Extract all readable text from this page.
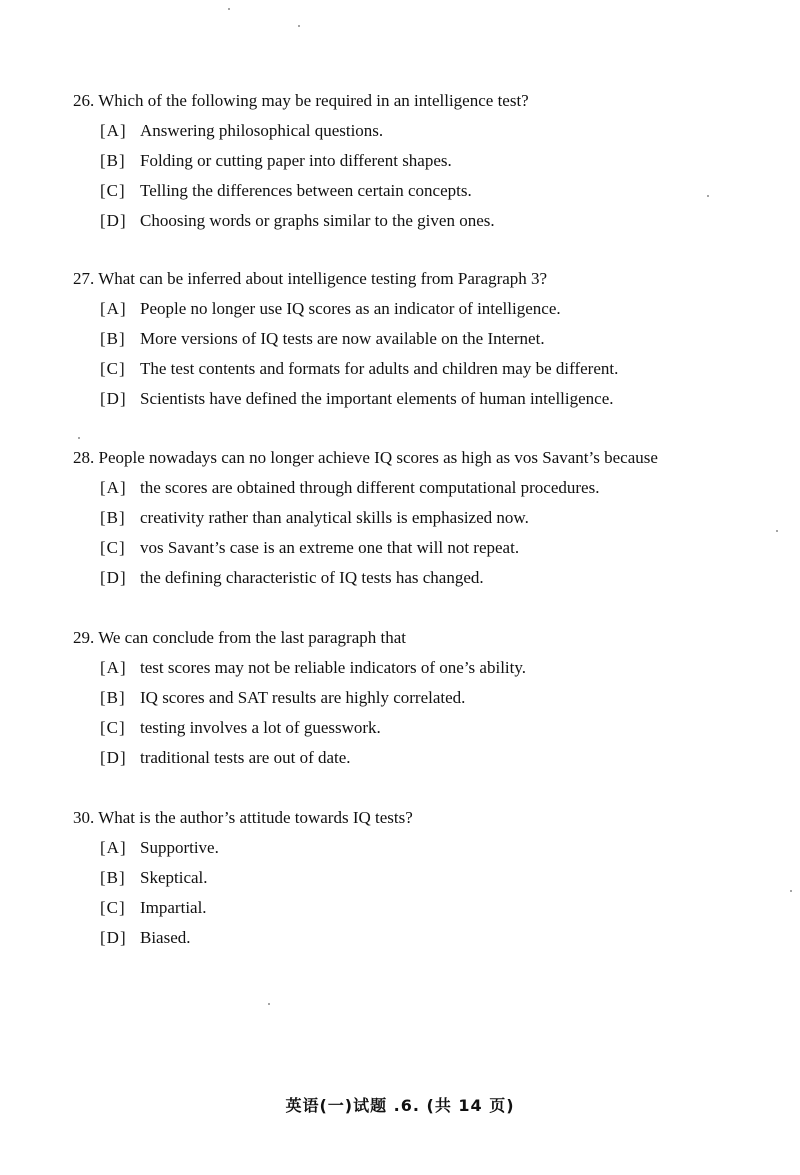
26. Which of the following may be required in an intelligence test?
[A] Answering philosophical questions.
[B] Folding or cutting paper into different shapes.
[C] Telling the differences between certain concepts.
[D] Choosing words or graphs similar to the given ones.
27. What can be inferred about intelligence testing from Paragraph 3?
[A] People no longer use IQ scores as an indicator of intelligence.
[B] More versions of IQ tests are now available on the Internet.
[C] The test contents and formats for adults and children may be different.
[D] Scientists have defined the important elements of human intelligence.
28. People nowadays can no longer achieve IQ scores as high as vos Savant’s because
[A] the scores are obtained through different computational procedures.
[B] creativity rather than analytical skills is emphasized now.
[C] vos Savant’s case is an extreme one that will not repeat.
[D] the defining characteristic of IQ tests has changed.
29. We can conclude from the last paragraph that
[A] test scores may not be reliable indicators of one’s ability.
[B] IQ scores and SAT results are highly correlated.
[C] testing involves a lot of guesswork.
[D] traditional tests are out of date.
30. What is the author’s attitude towards IQ tests?
[A] Supportive.
[B] Skeptical.
[C] Impartial.
[D] Biased.
英语(一)试题 .6. (共 14 页)
